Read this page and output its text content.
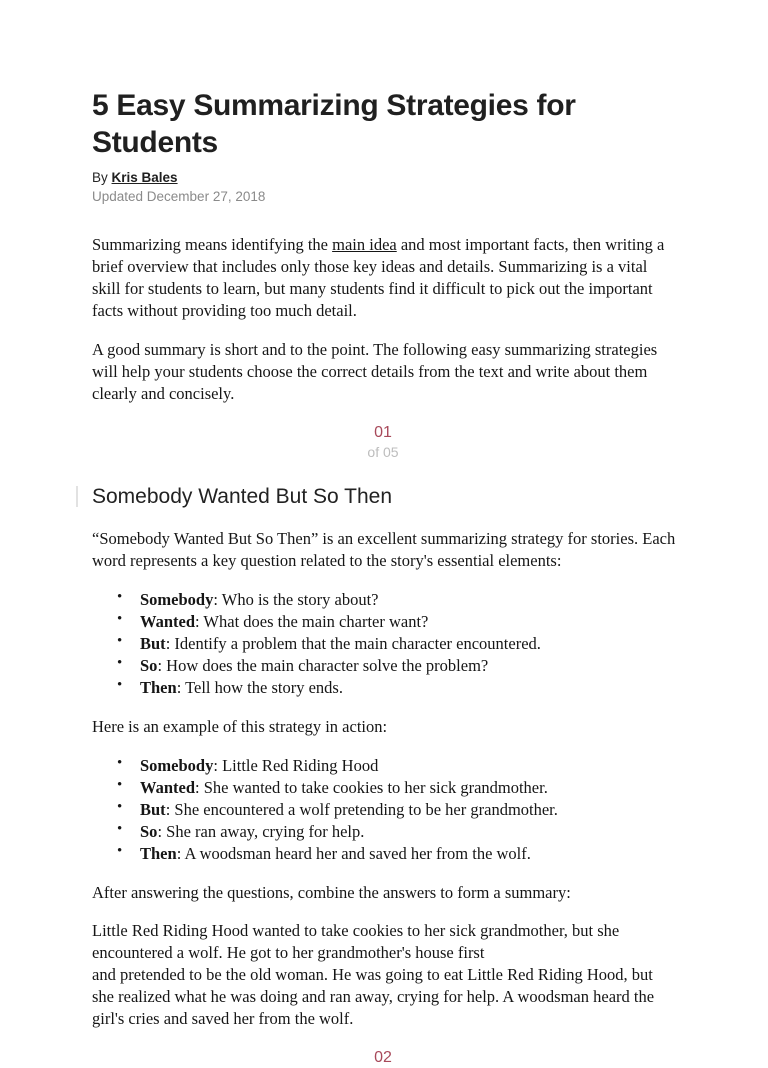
5 Easy Summarizing Strategies for Students

By Kris Bales

Updated December 27, 2018

Summarizing means identifying the main idea and most important facts, then writing a brief overview that includes only those key ideas and details. Summarizing is a vital skill for students to learn, but many students find it difficult to pick out the important facts without providing too much detail.

A good summary is short and to the point. The following easy summarizing strategies will help your students choose the correct details from the text and write about them clearly and concisely.

01
of 05
Somebody Wanted But So Then

“Somebody Wanted But So Then” is an excellent summarizing strategy for stories. Each word represents a key question related to the story's essential elements:

• Somebody: Who is the story about?
• Wanted: What does the main charter want?
• But: Identify a problem that the main character encountered.
• So: How does the main character solve the problem?
• Then: Tell how the story ends.

Here is an example of this strategy in action:

• Somebody: Little Red Riding Hood
• Wanted: She wanted to take cookies to her sick grandmother.
• But: She encountered a wolf pretending to be her grandmother.
• So: She ran away, crying for help.
• Then: A woodsman heard her and saved her from the wolf.

After answering the questions, combine the answers to form a summary:

Little Red Riding Hood wanted to take cookies to her sick grandmother, but she encountered a wolf. He got to her grandmother's house first
and pretended to be the old woman. He was going to eat Little Red Riding Hood, but she realized what he was doing and ran away, crying for help. A woodsman heard the girl's cries and saved her from the wolf.

02
